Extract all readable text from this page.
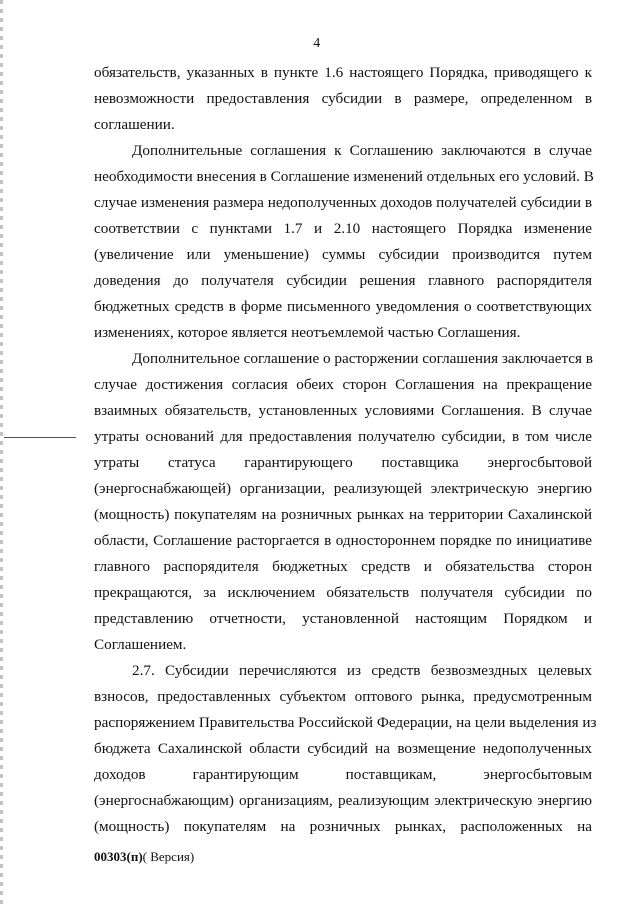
4
обязательств, указанных в пункте 1.6 настоящего Порядка, приводящего к
невозможности предоставления субсидии в размере, определенном в
соглашении.
Дополнительные соглашения к Соглашению заключаются в случае
необходимости внесения в Соглашение изменений отдельных его условий. В
случае изменения размера недополученных доходов получателей субсидии в
соответствии с пунктами 1.7 и 2.10 настоящего Порядка изменение
(увеличение или уменьшение) суммы субсидии производится путем
доведения до получателя субсидии решения главного распорядителя
бюджетных средств в форме письменного уведомления о соответствующих
изменениях, которое является неотъемлемой частью Соглашения.
Дополнительное соглашение о расторжении соглашения заключается в
случае достижения согласия обеих сторон Соглашения на прекращение
взаимных обязательств, установленных условиями Соглашения. В случае
утраты оснований для предоставления получателю субсидии, в том числе
утраты статуса гарантирующего поставщика энергосбытовой
(энергоснабжающей) организации, реализующей электрическую энергию
(мощность) покупателям на розничных рынках на территории Сахалинской
области, Соглашение расторгается в одностороннем порядке по инициативе
главного распорядителя бюджетных средств и обязательства сторон
прекращаются, за исключением обязательств получателя субсидии по
представлению отчетности, установленной настоящим Порядком и
Соглашением.
2.7. Субсидии перечисляются из средств безвозмездных целевых
взносов, предоставленных субъектом оптового рынка, предусмотренным
распоряжением Правительства Российской Федерации, на цели выделения из
бюджета Сахалинской области субсидий на возмещение недополученных
доходов гарантирующим поставщикам, энергосбытовым
(энергоснабжающим) организациям, реализующим электрическую энергию
(мощность) покупателям на розничных рынках, расположенных на
00303(п)( Версия)
